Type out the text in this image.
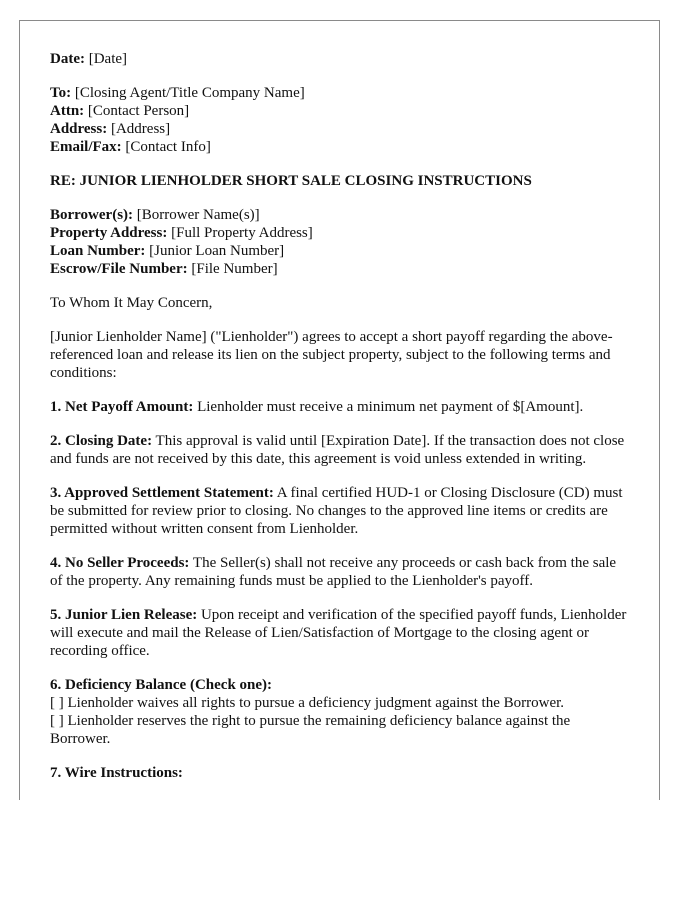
Date: [Date]
To: [Closing Agent/Title Company Name]
Attn: [Contact Person]
Address: [Address]
Email/Fax: [Contact Info]
RE: JUNIOR LIENHOLDER SHORT SALE CLOSING INSTRUCTIONS
Borrower(s): [Borrower Name(s)]
Property Address: [Full Property Address]
Loan Number: [Junior Loan Number]
Escrow/File Number: [File Number]

To Whom It May Concern,

[Junior Lienholder Name] ("Lienholder") agrees to accept a short payoff regarding the above-referenced loan and release its lien on the subject property, subject to the following terms and conditions:

1. Net Payoff Amount: Lienholder must receive a minimum net payment of $[Amount].

2. Closing Date: This approval is valid until [Expiration Date]. If the transaction does not close and funds are not received by this date, this agreement is void unless extended in writing.

3. Approved Settlement Statement: A final certified HUD-1 or Closing Disclosure (CD) must be submitted for review prior to closing. No changes to the approved line items or credits are permitted without written consent from Lienholder.

4. No Seller Proceeds: The Seller(s) shall not receive any proceeds or cash back from the sale of the property. Any remaining funds must be applied to the Lienholder's payoff.

5. Junior Lien Release: Upon receipt and verification of the specified payoff funds, Lienholder will execute and mail the Release of Lien/Satisfaction of Mortgage to the closing agent or recording office.

6. Deficiency Balance (Check one):
[ ] Lienholder waives all rights to pursue a deficiency judgment against the Borrower.
[ ] Lienholder reserves the right to pursue the remaining deficiency balance against the Borrower.
7. Wire Instructions:
